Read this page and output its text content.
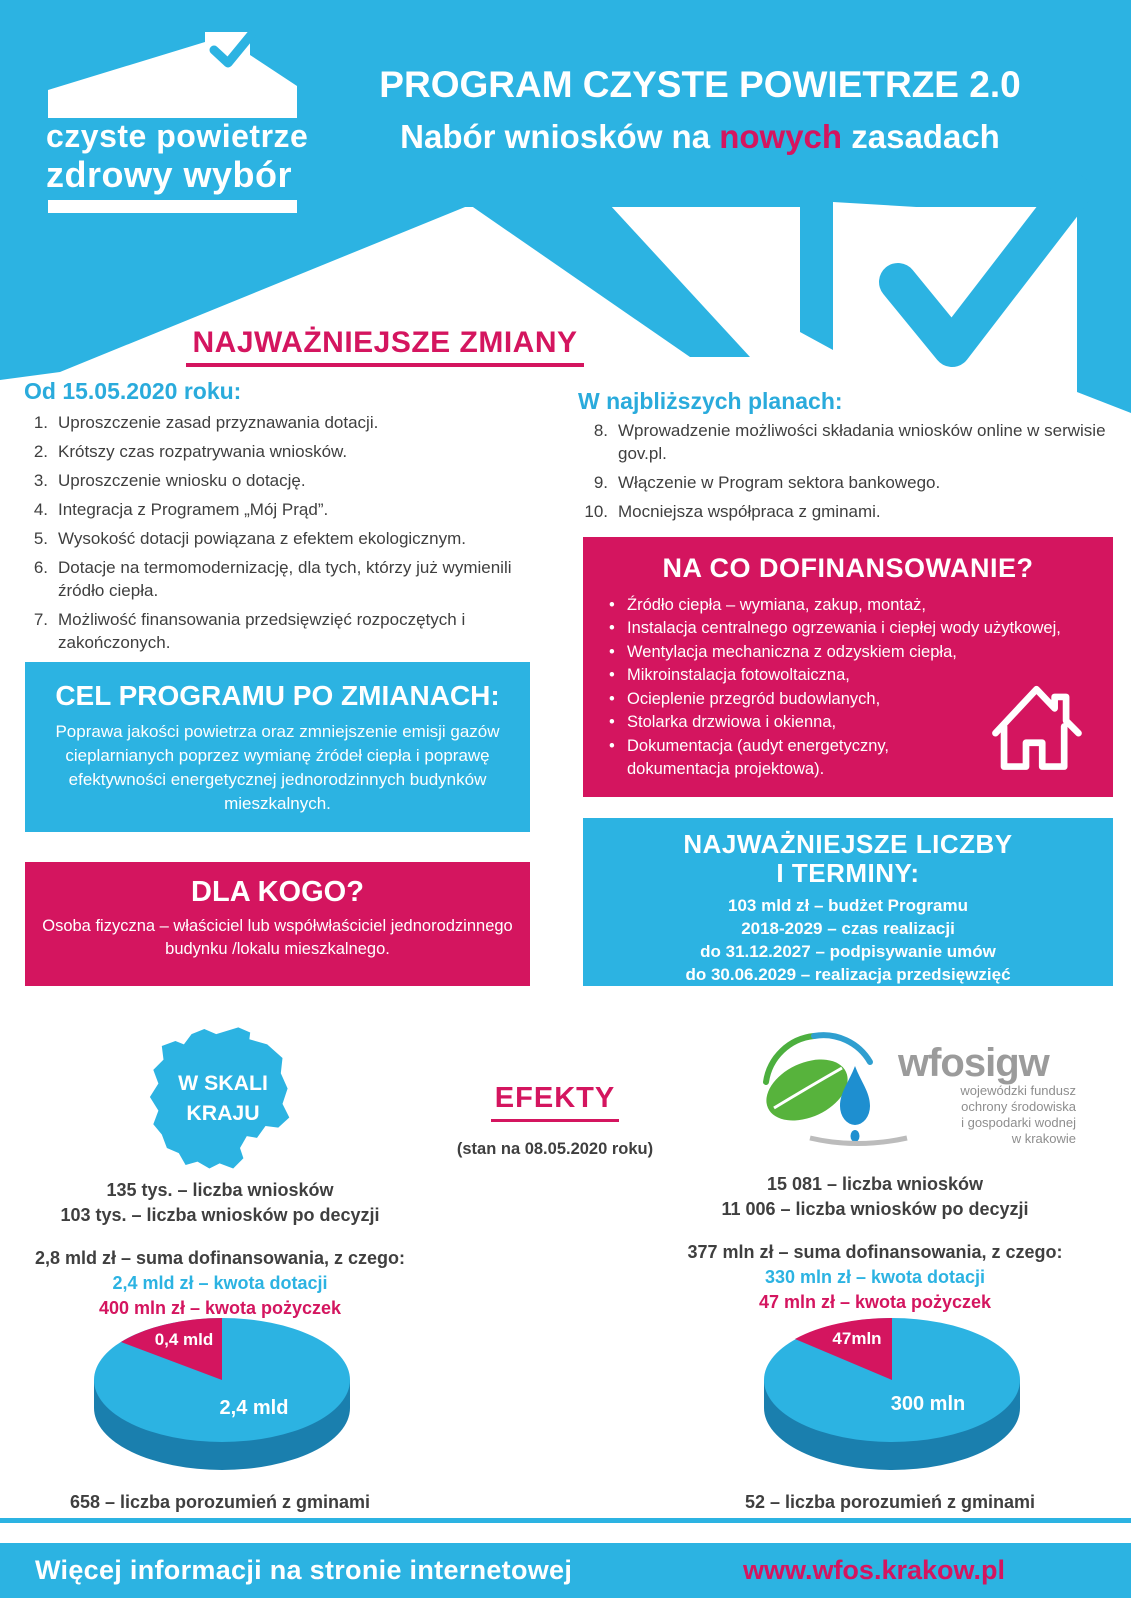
czyste powietrze
zdrowy wybór
PROGRAM CZYSTE POWIETRZE 2.0
Nabór wniosków na nowych zasadach
NAJWAŻNIEJSZE ZMIANY
Od 15.05.2020 roku:
1. Uproszczenie zasad przyznawania dotacji.
2. Krótszy czas rozpatrywania wniosków.
3. Uproszczenie wniosku o dotację.
4. Integracja z Programem „Mój Prąd”.
5. Wysokość dotacji powiązana z efektem ekologicznym.
6. Dotacje na termomodernizację, dla tych, którzy już wymienili źródło ciepła.
7. Możliwość finansowania przedsięwzięć rozpoczętych i zakończonych.
W najbliższych planach:
8. Wprowadzenie możliwości składania wniosków online w serwisie gov.pl.
9. Włączenie w Program sektora bankowego.
10. Mocniejsza współpraca z gminami.
NA CO DOFINANSOWANIE?
• Źródło ciepła – wymiana, zakup, montaż,
• Instalacja centralnego ogrzewania i ciepłej wody użytkowej,
• Wentylacja mechaniczna z odzyskiem ciepła,
• Mikroinstalacja fotowoltaiczna,
• Ocieplenie przegród budowlanych,
• Stolarka drzwiowa i okienna,
• Dokumentacja (audyt energetyczny, dokumentacja projektowa).
CEL PROGRAMU PO ZMIANACH:
Poprawa jakości powietrza oraz zmniejszenie emisji gazów cieplarnianych poprzez wymianę źródeł ciepła i poprawę efektywności energetycznej jednorodzinnych budynków mieszkalnych.
DLA KOGO?
Osoba fizyczna – właściciel lub współwłaściciel jednorodzinnego budynku /lokalu mieszkalnego.
NAJWAŻNIEJSZE LICZBY
I TERMINY:
103 mld zł – budżet Programu
2018-2029 – czas realizacji
do 31.12.2027 – podpisywanie umów
do 30.06.2029 – realizacja przedsięwzięć
W SKALI
KRAJU	EFEKTY
(stan na 08.05.2020 roku)
wfosigw
wojewódzki fundusz
ochrony środowiska
i gospodarki wodnej
w krakowie
135 tys. – liczba wniosków
103 tys. – liczba wniosków po decyzji
2,8 mld zł – suma dofinansowania, z czego:
2,4 mld zł – kwota dotacji
400 mln zł – kwota pożyczek
15 081 – liczba wniosków
11 006 – liczba wniosków po decyzji
377 mln zł – suma dofinansowania, z czego:
330 mln zł – kwota dotacji
47 mln zł – kwota pożyczek
0,4 mld
2,4 mld
658 – liczba porozumień z gminami
47mln
300 mln
52 – liczba porozumień z gminami
Więcej informacji na stronie internetowej	www.wfos.krakow.pl
